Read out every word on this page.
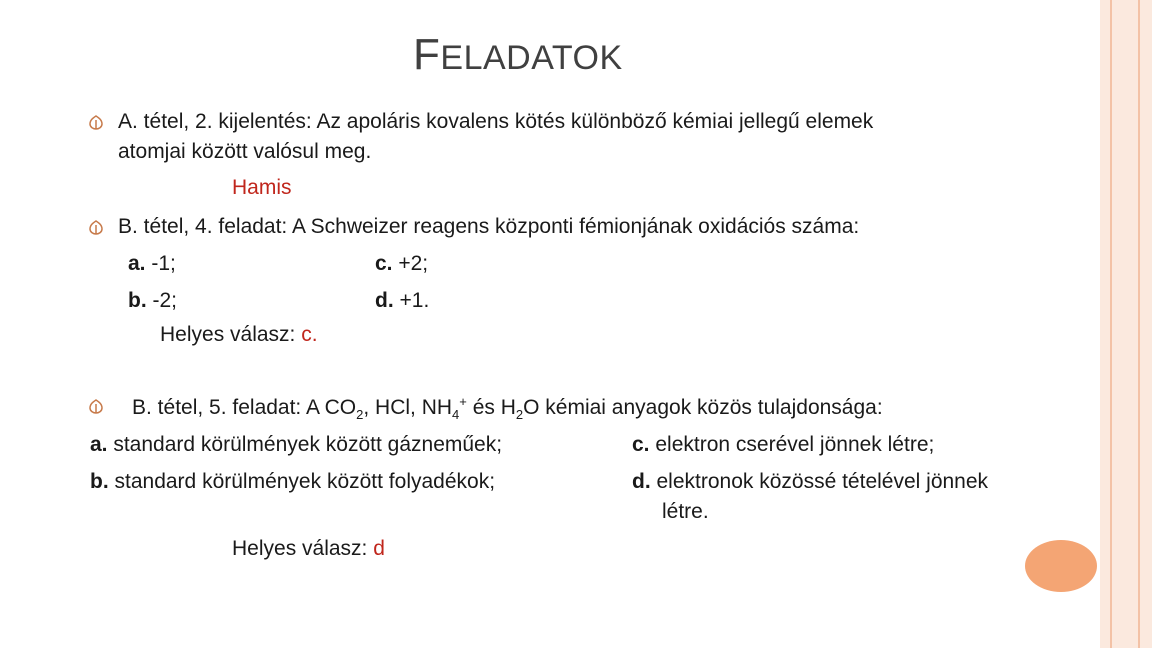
FELADATOK

A. tétel, 2. kijelentés: Az apoláris kovalens kötés különböző kémiai jellegű elemek

atomjai között valósul meg.

Hamis

B. tétel, 4. feladat: A Schweizer reagens központi fémionjának oxidációs száma:

a. -1;	c. +2;

b. -2;	d. +1.

Helyes válasz: c.

B. tétel, 5. feladat: A $CO_2$, HCl, $NH_4^+$ és $H_2O$ kémiai anyagok közös tulajdonsága:

a. standard körülmények között gázneműek;	c. elektron cserével jönnek létre;

b. standard körülmények között folyadékok;	d. elektronok közössé tételével jönnek

létre.

Helyes válasz: d
